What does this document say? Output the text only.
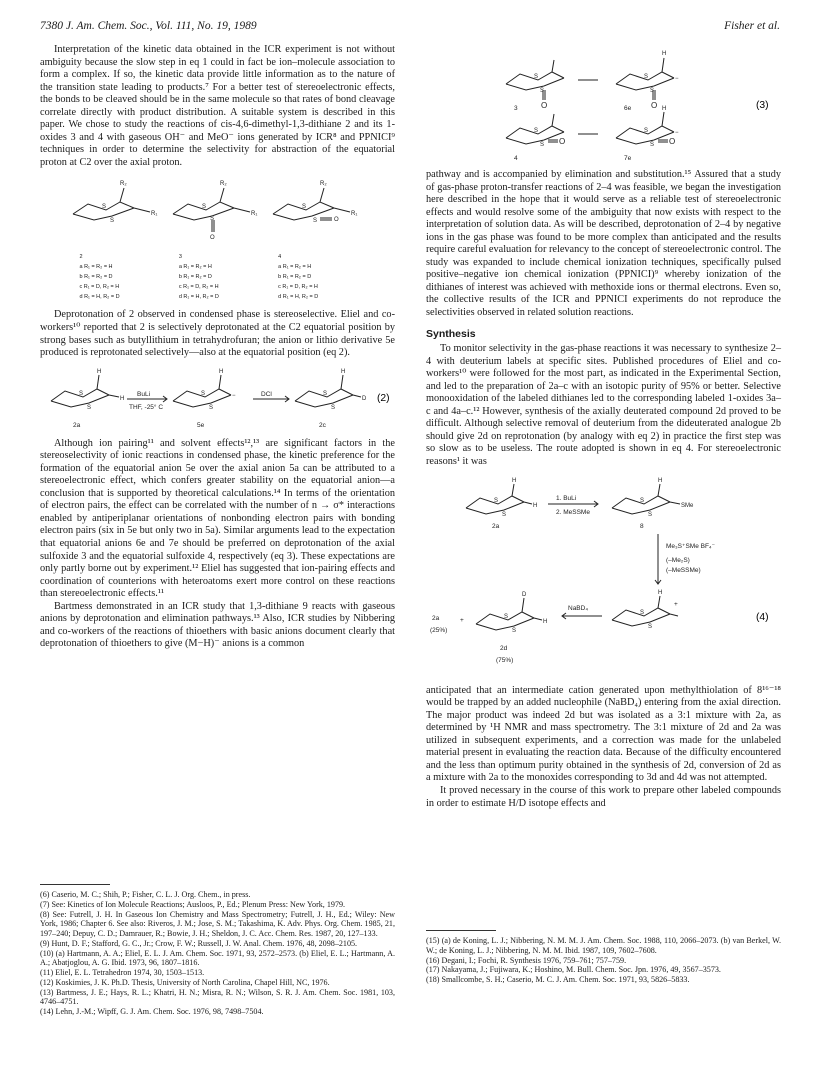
7380 J. Am. Chem. Soc., Vol. 111, No. 19, 1989	Fisher et al.

Interpretation of the kinetic data obtained in the ICR experiment is not without ambiguity because the slow step in eq 1 could in fact be ion–molecule association to form a complex. If so, the kinetic data provide little information as to the nature of the transition state leading to products.⁷ For a better test of stereoelectronic effects, the bonds to be cleaved should be in the same molecule so that rates of bond cleavage correlate directly with product distribution. A suitable system is described in this paper. We chose to study the reactions of cis-4,6-dimethyl-1,3-dithiane 2 and its 1-oxides 3 and 4 with gaseous OH⁻ and MeO⁻ ions generated by ICR⁸ and PPNICI⁹ techniques in order to determine the selectivity for abstraction of the equatorial proton at C2 over the axial proton.

S
S
R₂
R₁
S
S
R₂
R₁
O
S
S
R₂
R₁
O
2	3	4
a R₁ = R₂ = H	a R₁ = R₂ = H	a R₁ = R₂ = H
b R₁ = R₂ = D	b R₁ = R₂ = D	b R₁ = R₂ = D
c R₁ = D, R₂ = H	c R₁ = D, R₂ = H	c R₁ = D, R₂ = H
d R₁ = H, R₂ = D	d R₁ = H, R₂ = D	d R₁ = H, R₂ = D

Deprotonation of 2 observed in condensed phase is stereoselective. Eliel and co-workers¹⁰ reported that 2 is selectively deprotonated at the C2 equatorial position by strong bases such as butyllithium in tetrahydrofuran; the anion or lithio derivative 5e produced is reprotonated selectively—also at the equatorial position (eq 2).

S
S
H
H
S
S
H
−	S
S
H
D
BuLi
THF, -25° C
DCl
2a	5e	2c
(2)

Although ion pairing¹¹ and solvent effects¹²,¹³ are significant factors in the stereoselectivity of ionic reactions in condensed phase, the kinetic preference for the formation of the equatorial anion 5e over the axial anion 5a can be attributed to a stereoelectronic effect, which confers greater stability on the equatorial anion—a conclusion that is supported by theoretical calculations.¹⁴ In terms of the orientation of electron pairs, the effect can be correlated with the number of n → σ* interactions enabled by antiperiplanar orientations of nonbonding electron pairs with bonding electron pairs (six in 5e but only two in 5a). Similar arguments lead to the expectation that equatorial anions 6e and 7e should be preferred on deprotonation of the axial sulfoxide 3 and the equatorial sulfoxide 4, respectively (eq 3). These expectations are only partly borne out by experiment.¹² Eliel has suggested that ion-pairing effects and coordination of counterions with heteroatoms exert more control on these reactions than stereoelectronic effects.¹¹

Bartmess demonstrated in an ICR study that 1,3-dithiane 9 reacts with gaseous anions by deprotonation and elimination pathways.¹³ Also, ICR studies by Nibbering and co-workers of the reactions of thioethers with basic anions document clearly that deprotonation of thioethers to give (M−H)⁻ anions is a common

(6) Caserio, M. C.; Shih, P.; Fisher, C. L. J. Org. Chem., in press.

(7) See: Kinetics of Ion Molecule Reactions; Ausloos, P., Ed.; Plenum Press: New York, 1979.

(8) See: Futrell, J. H. In Gaseous Ion Chemistry and Mass Spectrometry; Futrell, J. H., Ed.; Wiley: New York, 1986; Chapter 6. See also: Riveros, J. M.; Jose, S. M.; Takashima, K. Adv. Phys. Org. Chem. 1985, 21, 197–240; Depuy, C. D.; Damrauer, R.; Bowie, J. H.; Sheldon, J. C. Acc. Chem. Res. 1987, 20, 127–133.

(9) Hunt, D. F.; Stafford, G. C., Jr.; Crow, F. W.; Russell, J. W. Anal. Chem. 1976, 48, 2098–2105.

(10) (a) Hartmann, A. A.; Eliel, E. L. J. Am. Chem. Soc. 1971, 93, 2572–2573. (b) Eliel, E. L.; Hartmann, A. A.; Abatjoglou, A. G. Ibid. 1973, 96, 1807–1816.

(11) Eliel, E. L. Tetrahedron 1974, 30, 1503–1513.

(12) Koskimies, J. K. Ph.D. Thesis, University of North Carolina, Chapel Hill, NC, 1976.

(13) Bartmess, J. E.; Hays, R. L.; Khatri, H. N.; Misra, R. N.; Wilson, S. R. J. Am. Chem. Soc. 1981, 103, 4746–4751.

(14) Lehn, J.-M.; Wipff, G. J. Am. Chem. Soc. 1976, 98, 7498–7504.

S
S
S
S
H
−
S
S
S
S
H
−
O	O
O	O
3	6e
4	7e
(3)

pathway and is accompanied by elimination and substitution.¹⁵ Assured that a study of gas-phase proton-transfer reactions of 2–4 was feasible, we began the investigation here described in the hope that it would serve as a reliable test of stereoelectronic effects and would resolve some of the ambiguity that now exists with respect to the interpretation of solution data. As will be described, deprotonation of 2–4 by negative ions in the gas phase was found to be more complex than anticipated and the results require careful evaluation for relevancy to the concept of stereoelectronic control. The study was expanded to include chemical ionization techniques, specifically pulsed positive–negative ion chemical ionization (PPNICI)⁹ whereby ionization of the dithianes of interest was achieved with methoxide ions or thermal electrons. Even so, the collective results of the ICR and PPNICI experiments do not reproduce the selectivities observed in related solution reactions.

Synthesis

To monitor selectivity in the gas-phase reactions it was necessary to synthesize 2–4 with deuterium labels at specific sites. Published procedures of Eliel and co-workers¹⁰ were followed for the most part, as indicated in the Experimental Section, and led to the preparation of 2a–c with an isotopic purity of 95% or better. Selective monooxidation of the labeled dithianes led to the corresponding labeled 1-oxides 3a–c and 4a–c.¹² However, synthesis of the axially deuterated compound 2d proved to be difficult. Although selective removal of deuterium from the dideuterated analogue 2b should give 2d on reprotonation (by analogy with eq 2) in practice the first step was so slow as to be useless. The route adopted is shown in eq 4. For stereoelectronic reasons¹ it was

S
S
H
H
S
S
H
SMe
S
S
H
S
S
D
H
1. BuLi
2. MeSSMe
2a	8
Me₃S⁺SMe BF₄⁻
(–Me₂S)
(–MeSSMe)
NaBD₄
2a
(25%)
+
+
2d
(75%)
(4)

anticipated that an intermediate cation generated upon methylthiolation of 8¹⁶⁻¹⁸ would be trapped by an added nucleophile (NaBD₄) entering from the axial direction. The major product was indeed 2d but was isolated as a 3:1 mixture with 2a, as determined by ¹H NMR and mass spectrometry. The 3:1 mixture of 2d and 2a was utilized in subsequent experiments, and a correction was made for the unlabeled material present in evaluating the reaction data. Because of the difficulty encountered and the less than optimum purity obtained in the synthesis of 2d, conversion of 2d as a mixture with 2a to the monoxides corresponding to 3d and 4d was not attempted.

It proved necessary in the course of this work to prepare other labeled compounds in order to estimate H/D isotope effects and

(15) (a) de Koning, L. J.; Nibbering, N. M. M. J. Am. Chem. Soc. 1988, 110, 2066–2073. (b) van Berkel, W. W.; de Koning, L. J.; Nibbering, N. M. M. Ibid. 1987, 109, 7602–7608.

(16) Degani, I.; Fochi, R. Synthesis 1976, 759–761; 757–759.

(17) Nakayama, J.; Fujiwara, K.; Hoshino, M. Bull. Chem. Soc. Jpn. 1976, 49, 3567–3573.

(18) Smallcombe, S. H.; Caserio, M. C. J. Am. Chem. Soc. 1971, 93, 5826–5833.
